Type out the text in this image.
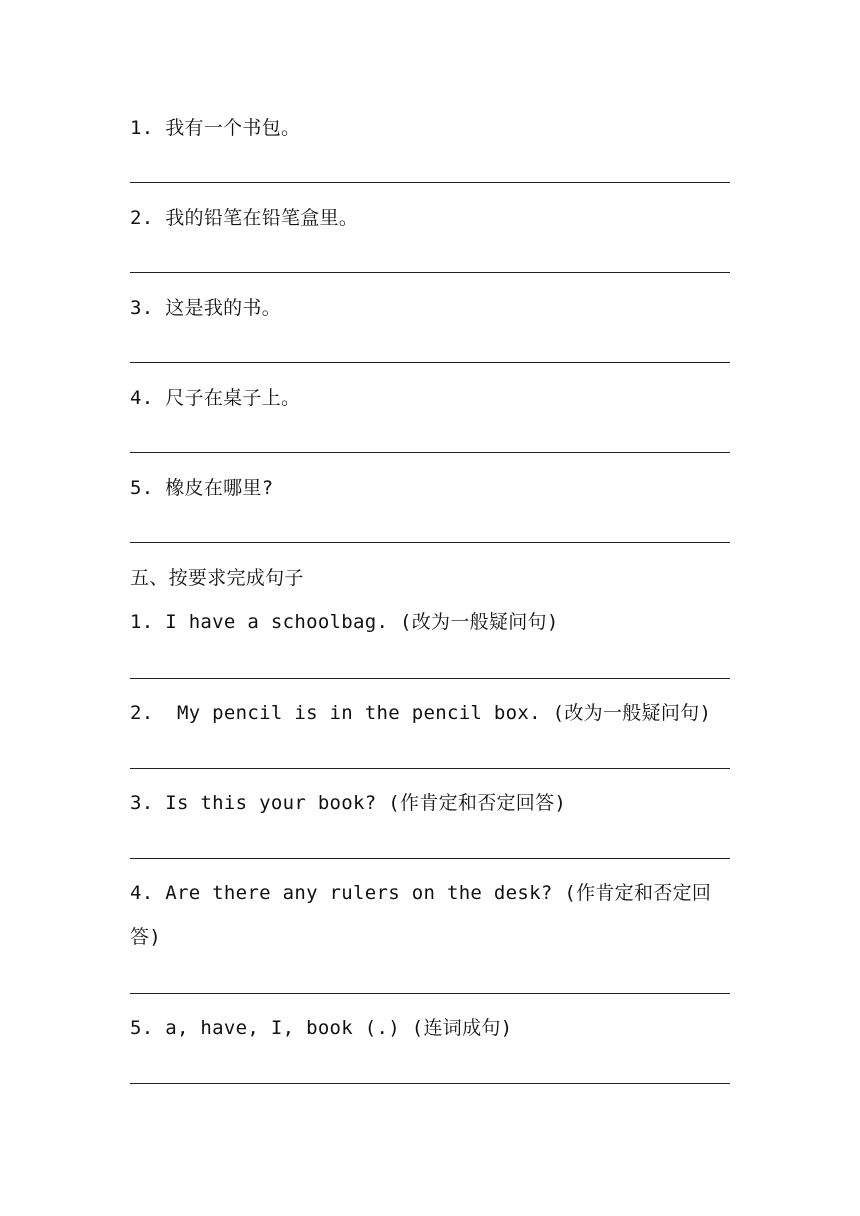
1. 我有一个书包。
2. 我的铅笔在铅笔盒里。
3. 这是我的书。
4. 尺子在桌子上。
5. 橡皮在哪里?
五、按要求完成句子
1. I have a schoolbag. (改为一般疑问句)
2.  My pencil is in the pencil box. (改为一般疑问句)
3. Is this your book? (作肯定和否定回答)
4. Are there any rulers on the desk? (作肯定和否定回答)
5. a, have, I, book (.) (连词成句)
